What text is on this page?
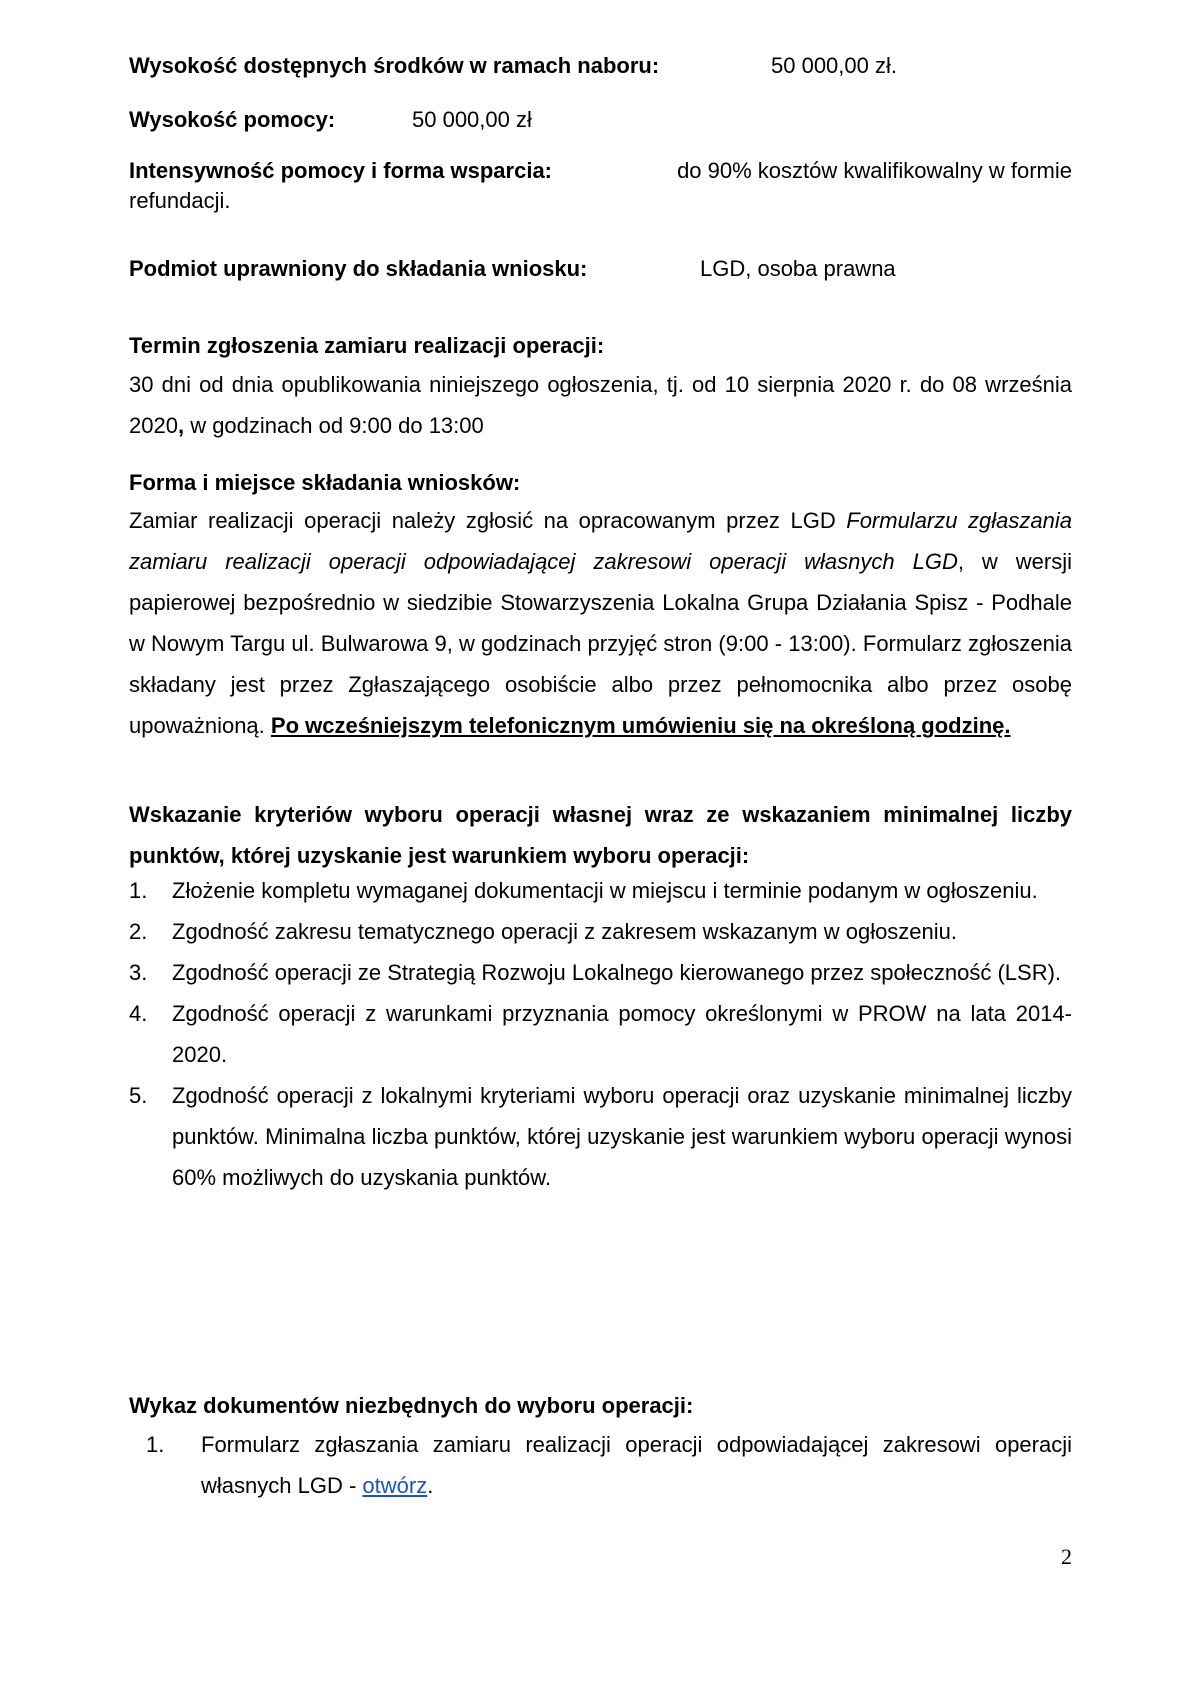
Wysokość dostępnych środków w ramach naboru:	50 000,00 zł.
Wysokość pomocy:	50 000,00 zł
Intensywność pomocy i forma wsparcia:	do 90% kosztów kwalifikowalny w formie
refundacji.
Podmiot uprawniony do składania wniosku:	LGD, osoba prawna
Termin zgłoszenia zamiaru realizacji operacji:
30 dni od dnia opublikowania niniejszego ogłoszenia, tj. od 10 sierpnia 2020 r. do 08 września 2020, w godzinach od 9:00 do 13:00
Forma i miejsce składania wniosków:
Zamiar realizacji operacji należy zgłosić na opracowanym przez LGD Formularzu zgłaszania zamiaru realizacji operacji odpowiadającej zakresowi operacji własnych LGD, w wersji papierowej bezpośrednio w siedzibie Stowarzyszenia Lokalna Grupa Działania Spisz - Podhale w Nowym Targu ul. Bulwarowa 9, w godzinach przyjęć stron (9:00 - 13:00). Formularz zgłoszenia składany jest przez Zgłaszającego osobiście albo przez pełnomocnika albo przez osobę upoważnioną. Po wcześniejszym telefonicznym umówieniu się na określoną godzinę.
Wskazanie kryteriów wyboru operacji własnej wraz ze wskazaniem minimalnej liczby punktów, której uzyskanie jest warunkiem wyboru operacji:
1. Złożenie kompletu wymaganej dokumentacji w miejscu i terminie podanym w ogłoszeniu.
2. Zgodność zakresu tematycznego operacji z zakresem wskazanym w ogłoszeniu.
3. Zgodność operacji ze Strategią Rozwoju Lokalnego kierowanego przez społeczność (LSR).
4. Zgodność operacji z warunkami przyznania pomocy określonymi w PROW na lata 2014-2020.
5. Zgodność operacji z lokalnymi kryteriami wyboru operacji oraz uzyskanie minimalnej liczby punktów. Minimalna liczba punktów, której uzyskanie jest warunkiem wyboru operacji wynosi 60% możliwych do uzyskania punktów.
Wykaz dokumentów niezbędnych do wyboru operacji:
1. Formularz zgłaszania zamiaru realizacji operacji odpowiadającej zakresowi operacji własnych LGD - otwórz.
2
